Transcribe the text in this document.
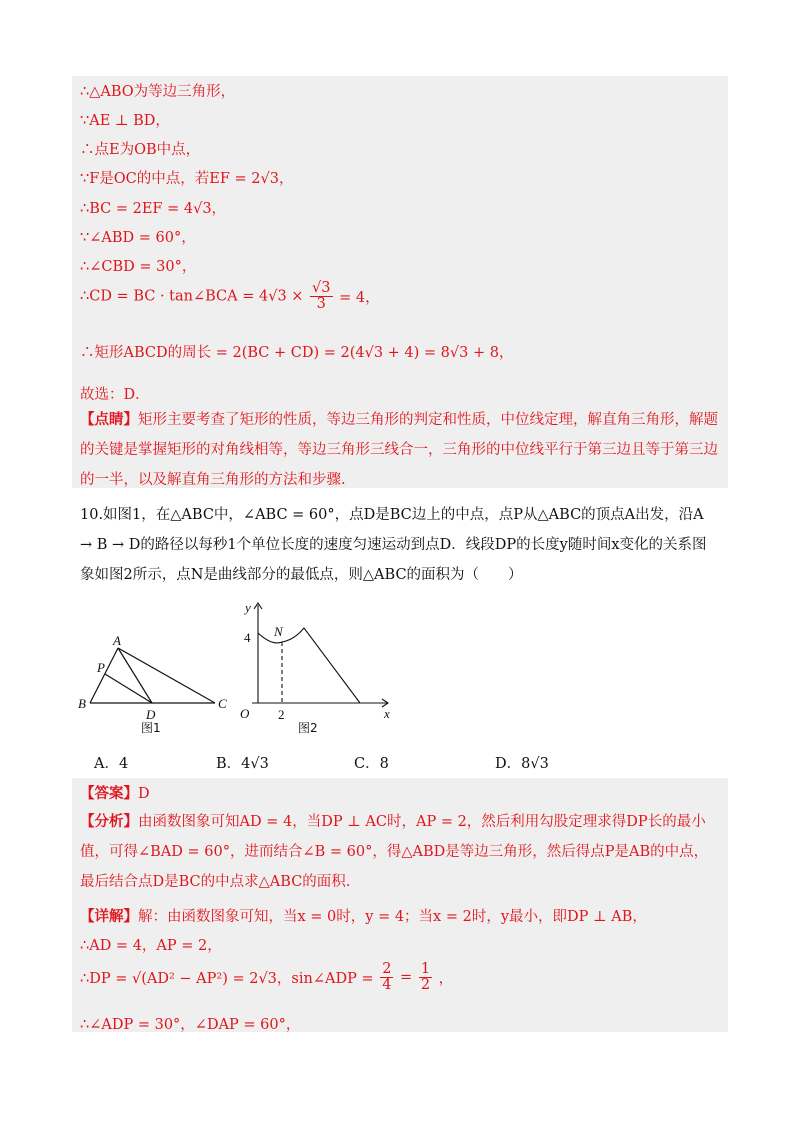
∴△ABO为等边三角形，
∵AE ⊥ BD，
∴点E为OB中点，
∵F是OC的中点，若EF = 2√3，
∴BC = 2EF = 4√3，
∵∠ABD = 60°，
∴∠CBD = 30°，
∴CD = BC · tan∠BCA = $4√3 \times \frac{√3}{3} = 4$，
∴矩形ABCD的周长 = 2(BC + CD) = 2(4√3 + 4) = 8√3 + 8，
故选：D．
【点睛】矩形主要考查了矩形的性质，等边三角形的判定和性质，中位线定理，解直角三角形，解题的关键是掌握矩形的对角线相等，等边三角形三线合一，三角形的中位线平行于第三边且等于第三边的一半，以及解直角三角形的方法和步骤.
10.如图1，在△ABC中，∠ABC = 60°，点D是BC边上的中点，点P从△ABC的顶点A出发，沿A → B → D的路径以每秒1个单位长度的速度匀速运动到点D．线段DP的长度y随时间x变化的关系图象如图2所示，点N是曲线部分的最低点，则△ABC的面积为（　　）
A
B	C
D
P
图1
y
x
O
N
4
2
图2
A．4	B．4√3	C．8	D．8√3
【答案】D
【分析】由函数图象可知AD = 4，当DP ⊥ AC时，AP = 2，然后利用勾股定理求得DP长的最小值，可得∠BAD = 60°，进而结合∠B = 60°，得△ABD是等边三角形，然后得点P是AB的中点，最后结合点D是BC的中点求△ABC的面积.
【详解】解：由函数图象可知，当x = 0时，y = 4；当x = 2时，y最小，即DP ⊥ AB，
∴AD = 4，AP = 2，
∴DP = √(AD² − AP²) = 2√3，sin∠ADP = $\frac{2}{4} = \frac{1}{2}$ ，
∴∠ADP = 30°，∠DAP = 60°，
